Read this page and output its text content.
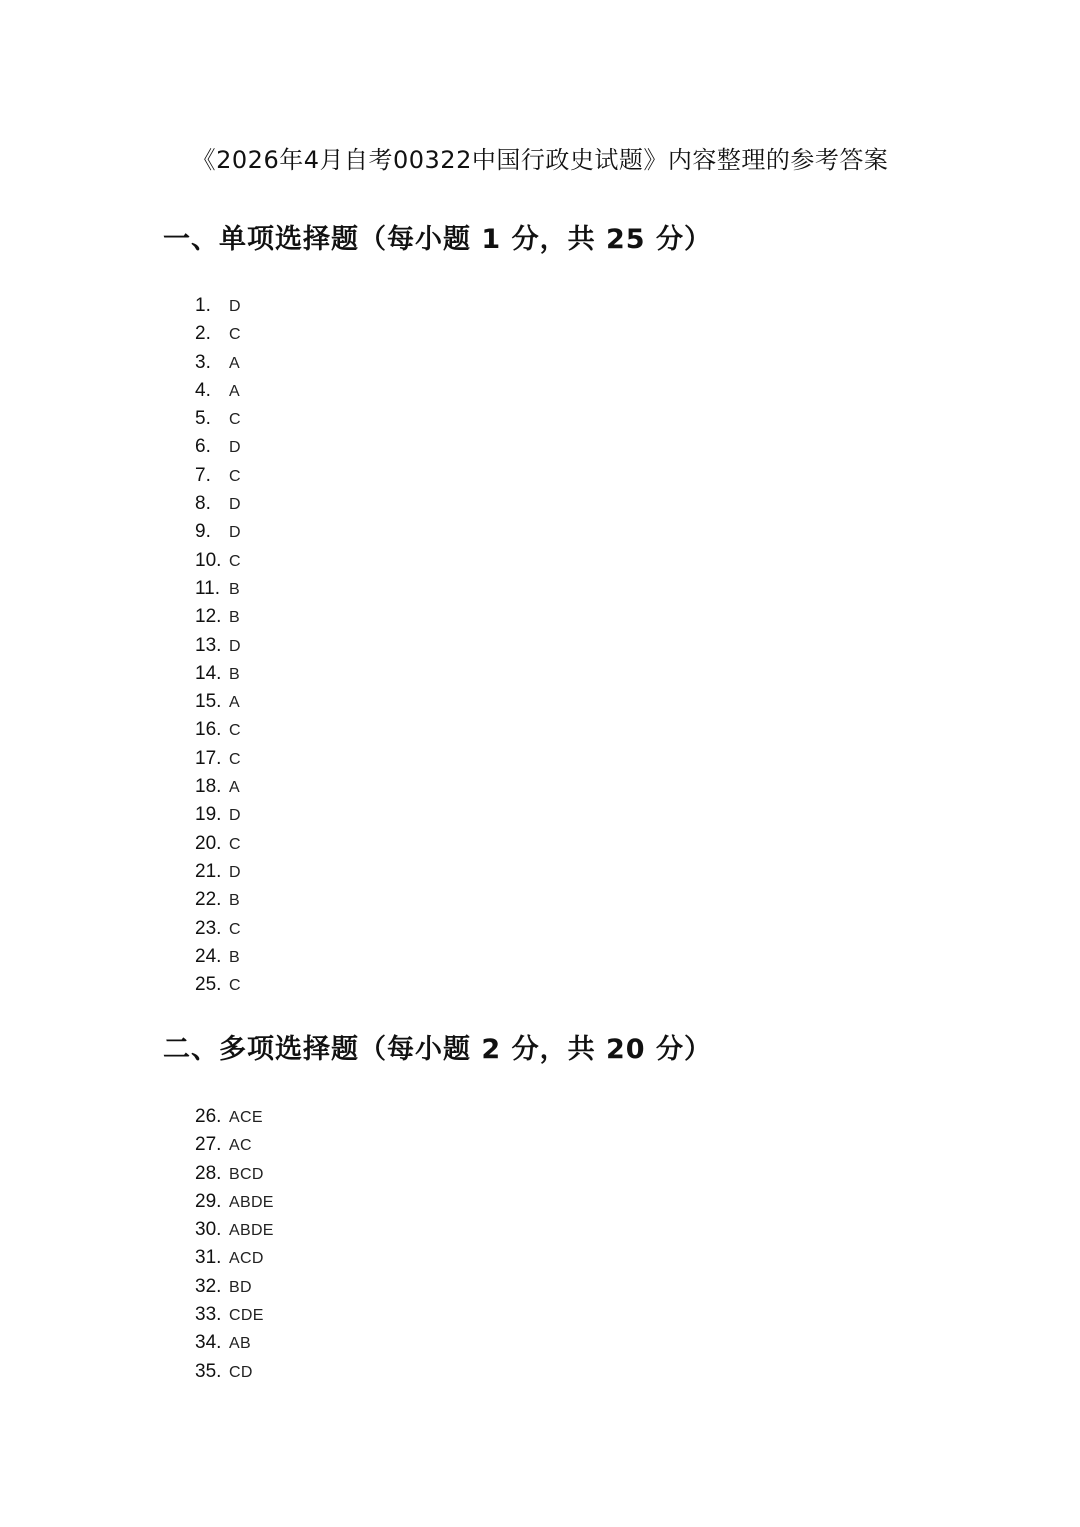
《2026年4月自考00322中国行政史试题》内容整理的参考答案
一、单项选择题（每小题 1 分，共 25 分）
1. D
2. C
3. A
4. A
5. C
6. D
7. C
8. D
9. D
10. C
11. B
12. B
13. D
14. B
15. A
16. C
17. C
18. A
19. D
20. C
21. D
22. B
23. C
24. B
25. C
二、多项选择题（每小题 2 分，共 20 分）
26. ACE
27. AC
28. BCD
29. ABDE
30. ABDE
31. ACD
32. BD
33. CDE
34. AB
35. CD
